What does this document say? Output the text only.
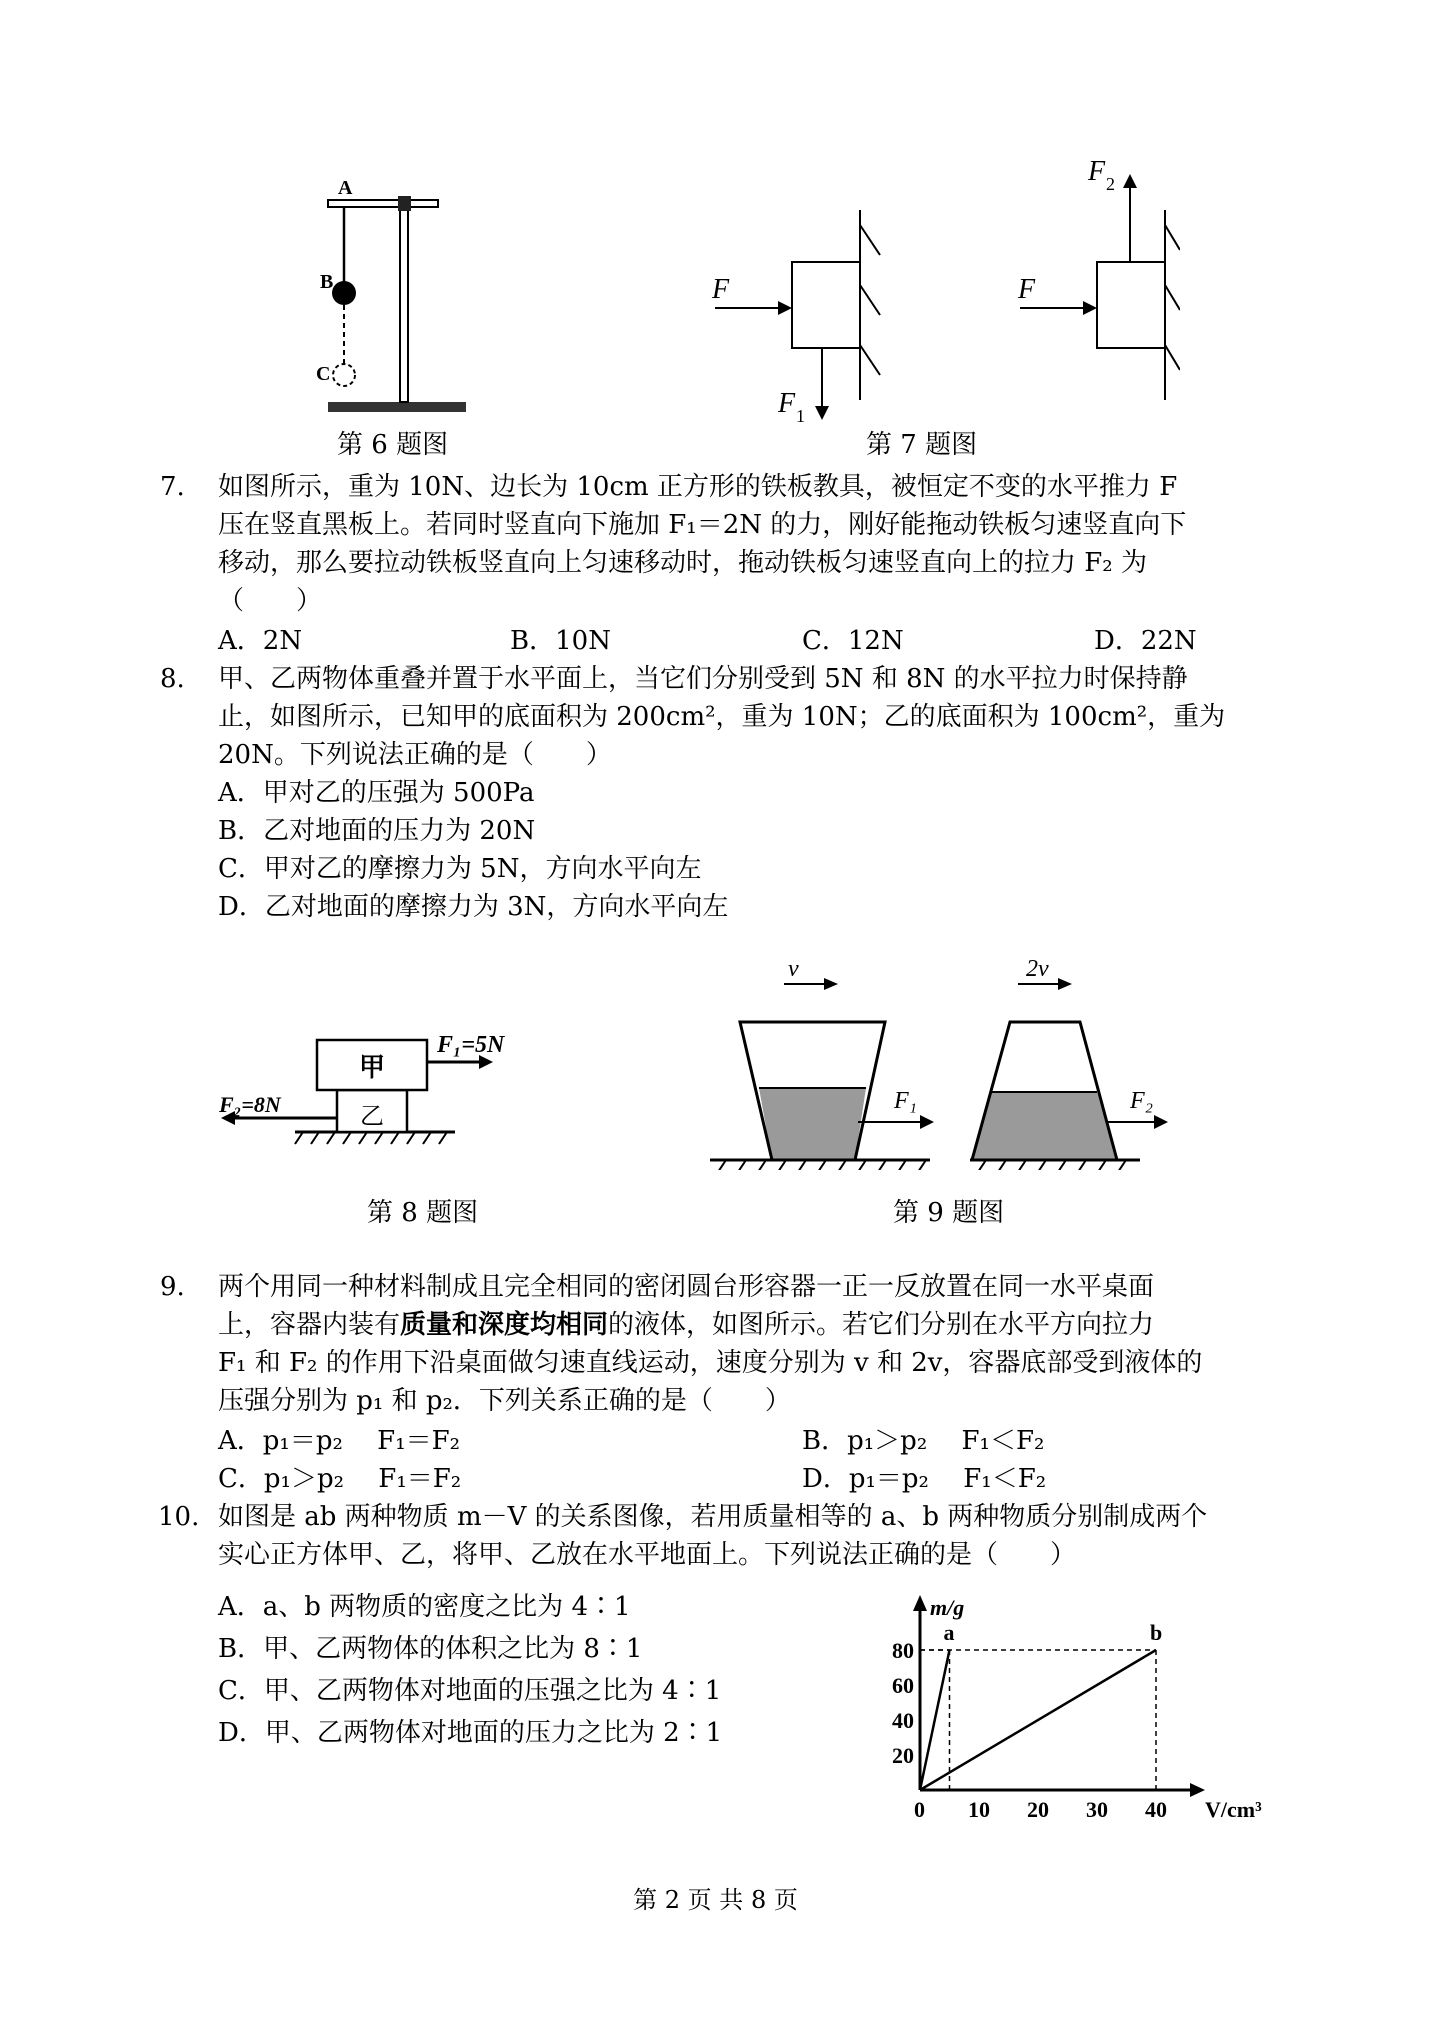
A
B
C
第 6 题图
F
F 1
F
F 2
第 7 题图
7. 如图所示，重为 10N、边长为 10cm 正方形的铁板教具，被恒定不变的水平推力 F
压在竖直黑板上。若同时竖直向下施加 F₁＝2N 的力，刚好能拖动铁板匀速竖直向下
移动，那么要拉动铁板竖直向上匀速移动时，拖动铁板匀速竖直向上的拉力 F₂ 为
（　　）
A．2N	B．10N	C．12N	D．22N
8. 甲、乙两物体重叠并置于水平面上，当它们分别受到 5N 和 8N 的水平拉力时保持静
止，如图所示，已知甲的底面积为 200cm²，重为 10N；乙的底面积为 100cm²，重为
20N。下列说法正确的是（　　）
A．甲对乙的压强为 500Pa
B．乙对地面的压力为 20N
C．甲对乙的摩擦力为 5N，方向水平向左
D．乙对地面的摩擦力为 3N，方向水平向左
甲
乙
F₁=5N
F₂=8N
第 8 题图
v
F₁
2v
F₂
第 9 题图
9. 两个用同一种材料制成且完全相同的密闭圆台形容器一正一反放置在同一水平桌面
上，容器内装有质量和深度均相同的液体，如图所示。若它们分别在水平方向拉力
F₁ 和 F₂ 的作用下沿桌面做匀速直线运动，速度分别为 v 和 2v，容器底部受到液体的
压强分别为 p₁ 和 p₂．下列关系正确的是（　　）
A．p₁＝p₂　 F₁＝F₂	B．p₁＞p₂　 F₁＜F₂
C．p₁＞p₂　 F₁＝F₂	D．p₁＝p₂　 F₁＜F₂
10. 如图是 ab 两种物质 m－V 的关系图像，若用质量相等的 a、b 两种物质分别制成两个
实心正方体甲、乙，将甲、乙放在水平地面上。下列说法正确的是（　　）
A．a、b 两物质的密度之比为 4∶1
B．甲、乙两物体的体积之比为 8∶1
C．甲、乙两物体对地面的压强之比为 4∶1
D．甲、乙两物体对地面的压力之比为 2∶1
10 20 30 40
20
40
60
80
m/g
V/cm³
0
a	b
第 2 页 共 8 页
